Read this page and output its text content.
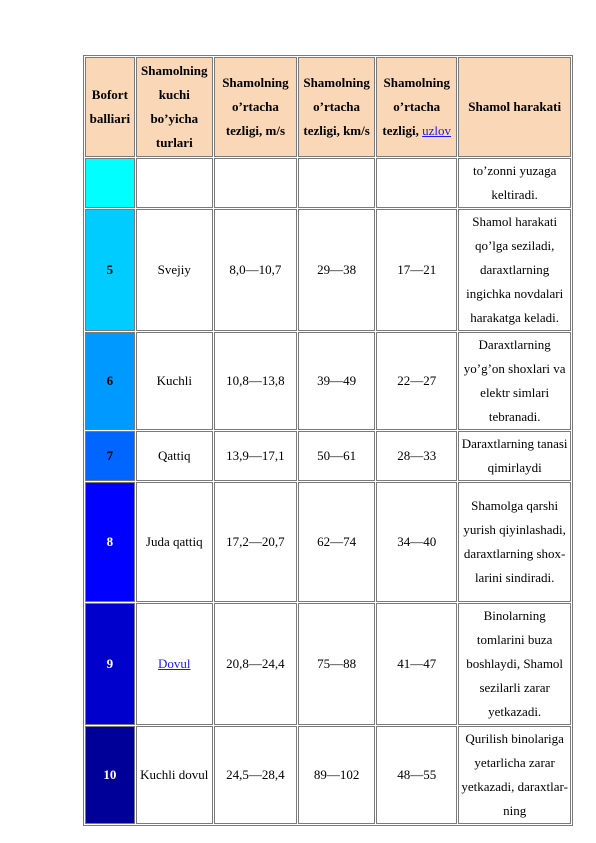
Bofort balliari	Shamolning kuchi bo’yicha turlari	Shamolning o’rtacha tezligi, m/s	Shamolning o’rtacha tezligi, km/s	Shamolning o’rtacha tezligi, uzlov	Shamol harakati
					to’zonni yuzaga keltiradi.
5	Svejiy	8,0—10,7	29—38	17—21	Shamol harakati qo’lga seziladi, daraxtlarning ingichka novdalari harakatga keladi.
6	Kuchli	10,8—13,8	39—49	22—27	Daraxtlarning yo’g’on shoxlari va elektr simlari tebranadi.
7	Qattiq	13,9—17,1	50—61	28—33	Daraxtlarning tanasi qimirlaydi
8	Juda qattiq	17,2—20,7	62—74	34—40	Shamolga qarshi yurish qiyinlashadi, daraxtlarning shox-larini sindiradi.
9	Dovul	20,8—24,4	75—88	41—47	Binolarning tomlarini buza boshlaydi, Shamol sezilarli zarar yetkazadi.
10	Kuchli dovul	24,5—28,4	89—102	48—55	Qurilish binolariga yetarlicha zarar yetkazadi, daraxtlar-ning
